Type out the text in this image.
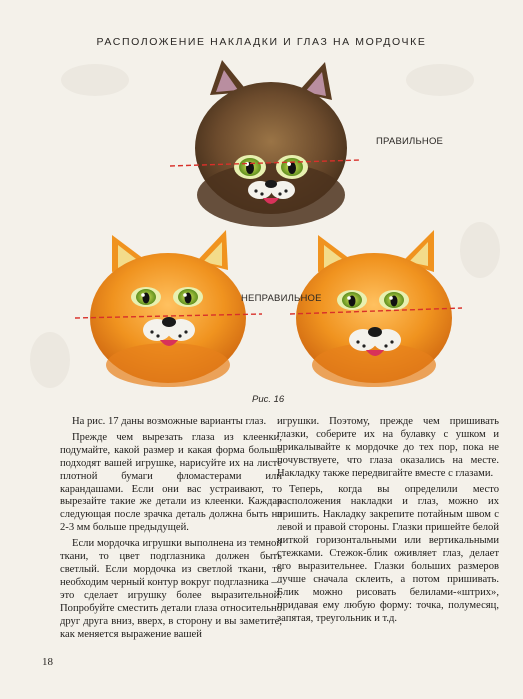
РАСПОЛОЖЕНИЕ НАКЛАДКИ И ГЛАЗ НА МОРДОЧКЕ
ПРАВИЛЬНОЕ
НЕПРАВИЛЬНОЕ
Рис. 16

На рис. 17 даны возможные варианты глаз.

Прежде чем вырезать глаза из клеенки, подумайте, какой размер и какая форма больше подходят вашей игрушке, нарисуйте их на листе плотной бумаги фломастерами или карандашами. Если они вас устраивают, то вырезайте такие же детали из клеенки. Каждая следующая после зрачка деталь должна быть на 2-3 мм больше предыдущей.

Если мордочка игрушки выполнена из темной ткани, то цвет подглазника должен быть светлый. Если мордочка из светлой ткани, то необходим черный контур вокруг подглазника — это сделает игрушку более выразительной. Попробуйте сместить детали глаза относительно друг друга вниз, вверх, в сторону и вы заметите, как меняется выражение вашей

игрушки. Поэтому, прежде чем пришивать глазки, соберите их на булавку с ушком и прикалывайте к мордочке до тех пор, пока не почувствуете, что глаза оказались на месте. Накладку также передвигайте вместе с глазами.

Теперь, когда вы определили место расположения накладки и глаз, можно их пришить. Накладку закрепите потайным швом с левой и правой стороны. Глазки пришейте белой ниткой горизонтальными или вертикальными стежками. Стежок-блик оживляет глаз, делает его выразительнее. Глазки больших размеров лучше сначала склеить, а потом пришивать. Блик можно рисовать белилами-«штрих», придавая ему любую форму: точка, полумесяц, запятая, треугольник и т.д.

18
